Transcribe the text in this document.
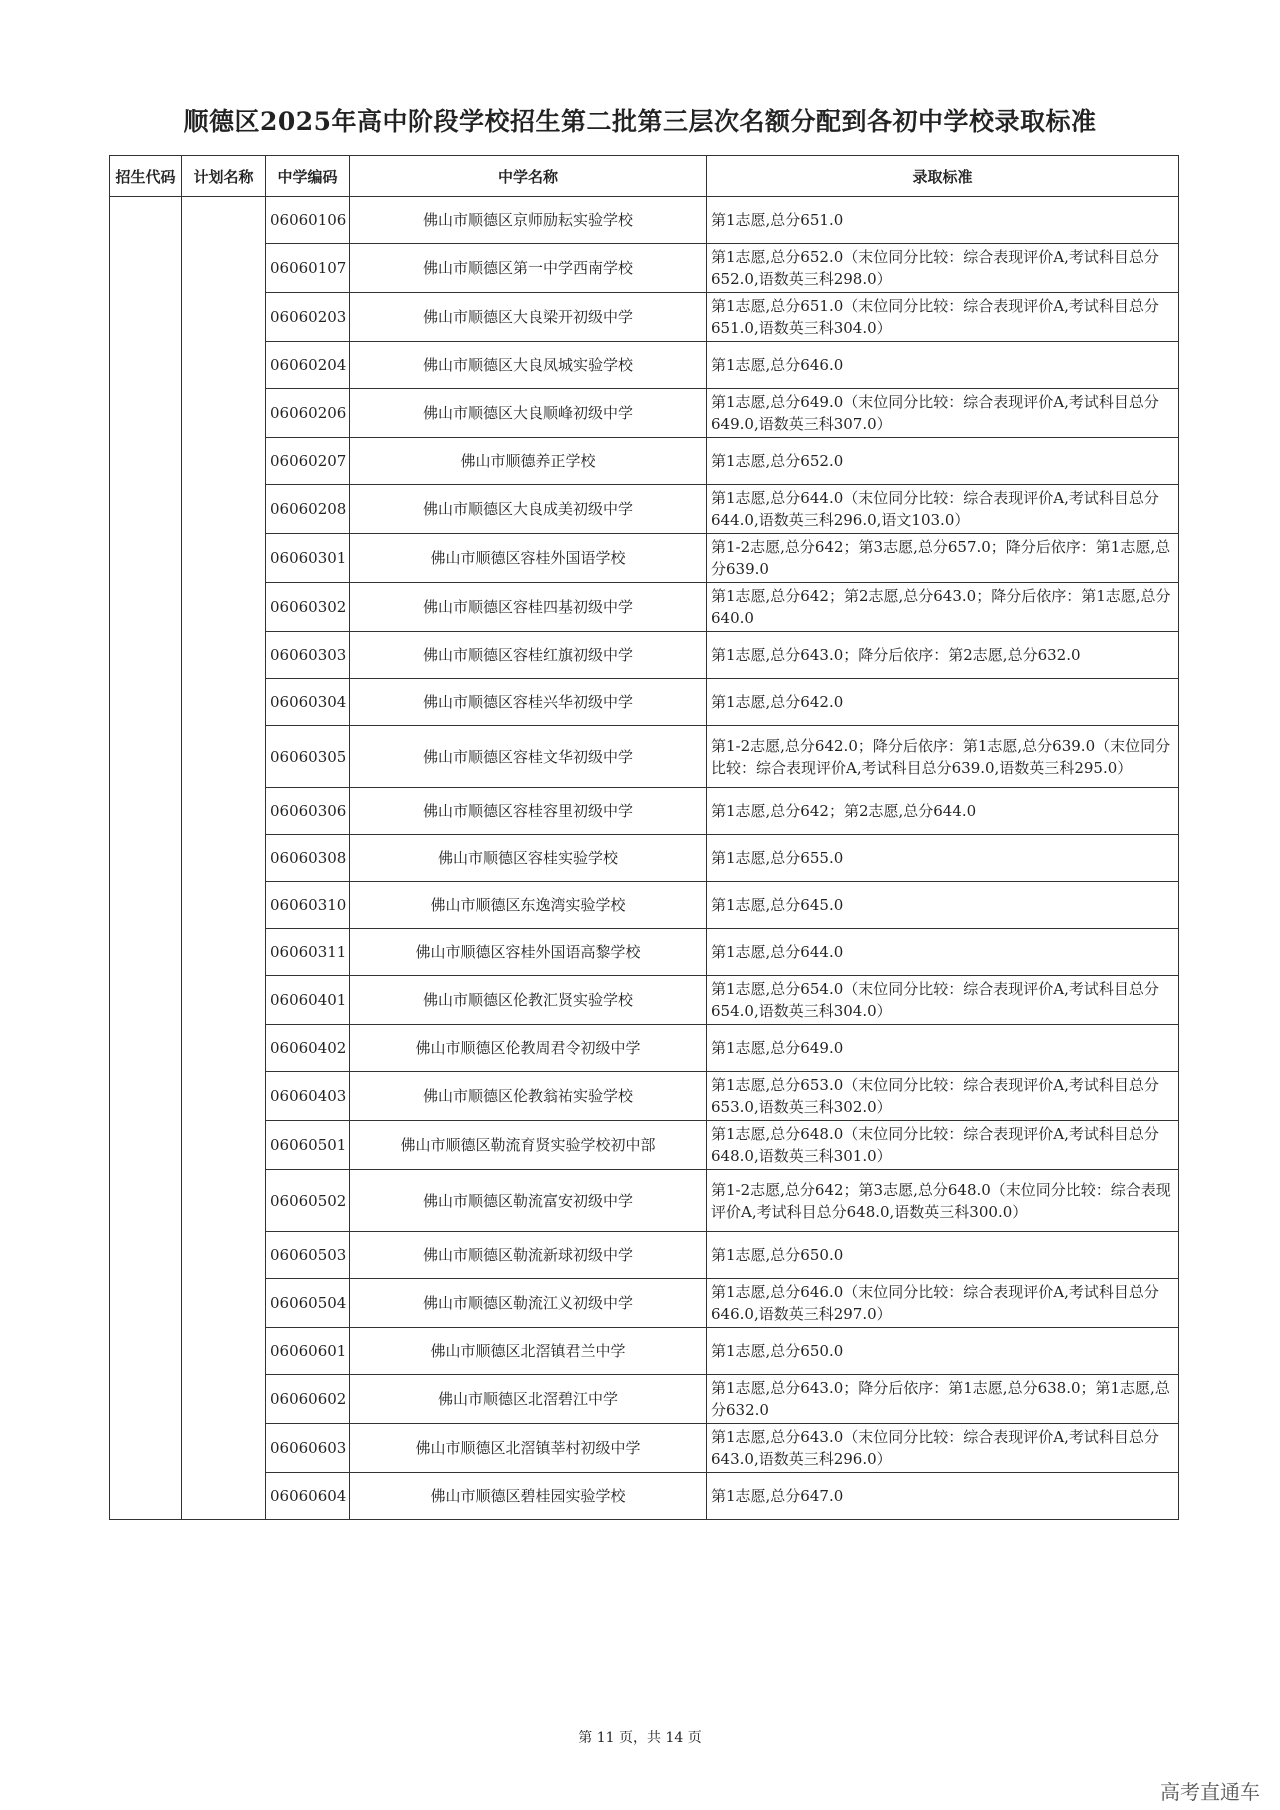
顺德区2025年高中阶段学校招生第二批第三层次名额分配到各初中学校录取标准
招生代码	计划名称	中学编码	中学名称	录取标准
		06060106	佛山市顺德区京师励耘实验学校	第1志愿,总分651.0
		06060107	佛山市顺德区第一中学西南学校	第1志愿,总分652.0（末位同分比较：综合表现评价A,考试科目总分652.0,语数英三科298.0）
		06060203	佛山市顺德区大良梁开初级中学	第1志愿,总分651.0（末位同分比较：综合表现评价A,考试科目总分651.0,语数英三科304.0）
		06060204	佛山市顺德区大良凤城实验学校	第1志愿,总分646.0
		06060206	佛山市顺德区大良顺峰初级中学	第1志愿,总分649.0（末位同分比较：综合表现评价A,考试科目总分649.0,语数英三科307.0）
		06060207	佛山市顺德养正学校	第1志愿,总分652.0
		06060208	佛山市顺德区大良成美初级中学	第1志愿,总分644.0（末位同分比较：综合表现评价A,考试科目总分644.0,语数英三科296.0,语文103.0）
		06060301	佛山市顺德区容桂外国语学校	第1-2志愿,总分642；第3志愿,总分657.0；降分后依序：第1志愿,总分639.0
		06060302	佛山市顺德区容桂四基初级中学	第1志愿,总分642；第2志愿,总分643.0；降分后依序：第1志愿,总分640.0
		06060303	佛山市顺德区容桂红旗初级中学	第1志愿,总分643.0；降分后依序：第2志愿,总分632.0
		06060304	佛山市顺德区容桂兴华初级中学	第1志愿,总分642.0
		06060305	佛山市顺德区容桂文华初级中学	第1-2志愿,总分642.0；降分后依序：第1志愿,总分639.0（末位同分比较：综合表现评价A,考试科目总分639.0,语数英三科295.0）
		06060306	佛山市顺德区容桂容里初级中学	第1志愿,总分642；第2志愿,总分644.0
		06060308	佛山市顺德区容桂实验学校	第1志愿,总分655.0
		06060310	佛山市顺德区东逸湾实验学校	第1志愿,总分645.0
		06060311	佛山市顺德区容桂外国语高黎学校	第1志愿,总分644.0
		06060401	佛山市顺德区伦教汇贤实验学校	第1志愿,总分654.0（末位同分比较：综合表现评价A,考试科目总分654.0,语数英三科304.0）
		06060402	佛山市顺德区伦教周君令初级中学	第1志愿,总分649.0
		06060403	佛山市顺德区伦教翁祐实验学校	第1志愿,总分653.0（末位同分比较：综合表现评价A,考试科目总分653.0,语数英三科302.0）
		06060501	佛山市顺德区勒流育贤实验学校初中部	第1志愿,总分648.0（末位同分比较：综合表现评价A,考试科目总分648.0,语数英三科301.0）
		06060502	佛山市顺德区勒流富安初级中学	第1-2志愿,总分642；第3志愿,总分648.0（末位同分比较：综合表现评价A,考试科目总分648.0,语数英三科300.0）
		06060503	佛山市顺德区勒流新球初级中学	第1志愿,总分650.0
		06060504	佛山市顺德区勒流江义初级中学	第1志愿,总分646.0（末位同分比较：综合表现评价A,考试科目总分646.0,语数英三科297.0）
		06060601	佛山市顺德区北滘镇君兰中学	第1志愿,总分650.0
		06060602	佛山市顺德区北滘碧江中学	第1志愿,总分643.0；降分后依序：第1志愿,总分638.0；第1志愿,总分632.0
		06060603	佛山市顺德区北滘镇莘村初级中学	第1志愿,总分643.0（末位同分比较：综合表现评价A,考试科目总分643.0,语数英三科296.0）
		06060604	佛山市顺德区碧桂园实验学校	第1志愿,总分647.0
第 11 页，共 14 页
高考直通车
